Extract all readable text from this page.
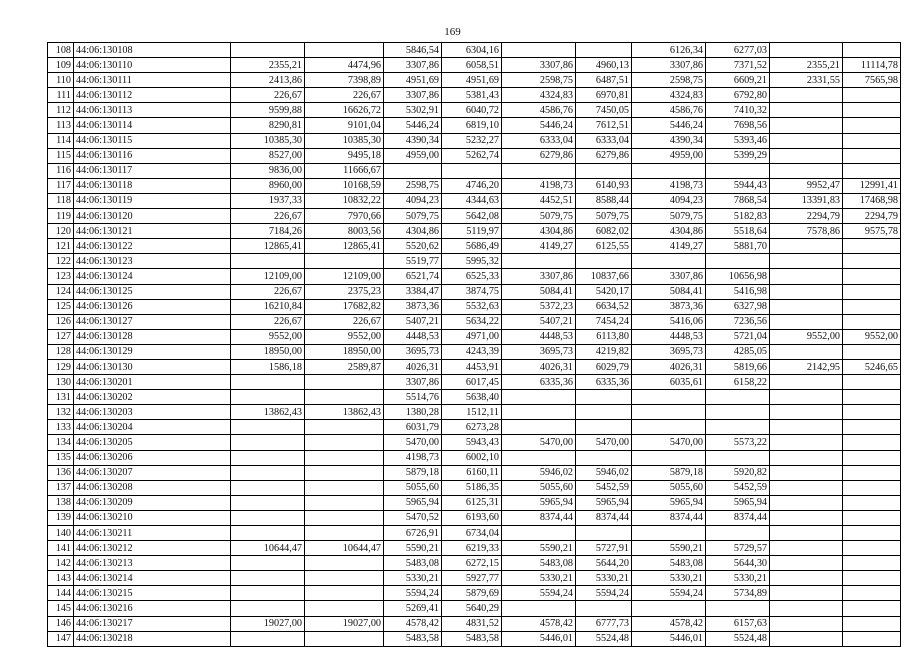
169
108	44:06:130108			5846,54	6304,16			6126,34	6277,03		
109	44:06:130110	2355,21	4474,96	3307,86	6058,51	3307,86	4960,13	3307,86	7371,52	2355,21	11114,78
110	44:06:130111	2413,86	7398,89	4951,69	4951,69	2598,75	6487,51	2598,75	6609,21	2331,55	7565,98
111	44:06:130112	226,67	226,67	3307,86	5381,43	4324,83	6970,81	4324,83	6792,80		
112	44:06:130113	9599,88	16626,72	5302,91	6040,72	4586,76	7450,05	4586,76	7410,32		
113	44:06:130114	8290,81	9101,04	5446,24	6819,10	5446,24	7612,51	5446,24	7698,56		
114	44:06:130115	10385,30	10385,30	4390,34	5232,27	6333,04	6333,04	4390,34	5393,46		
115	44:06:130116	8527,00	9495,18	4959,00	5262,74	6279,86	6279,86	4959,00	5399,29		
116	44:06:130117	9836,00	11666,67								
117	44:06:130118	8960,00	10168,59	2598,75	4746,20	4198,73	6140,93	4198,73	5944,43	9952,47	12991,41
118	44:06:130119	1937,33	10832,22	4094,23	4344,63	4452,51	8588,44	4094,23	7868,54	13391,83	17468,98
119	44:06:130120	226,67	7970,66	5079,75	5642,08	5079,75	5079,75	5079,75	5182,83	2294,79	2294,79
120	44:06:130121	7184,26	8003,56	4304,86	5119,97	4304,86	6082,02	4304,86	5518,64	7578,86	9575,78
121	44:06:130122	12865,41	12865,41	5520,62	5686,49	4149,27	6125,55	4149,27	5881,70		
122	44:06:130123			5519,77	5995,32						
123	44:06:130124	12109,00	12109,00	6521,74	6525,33	3307,86	10837,66	3307,86	10656,98		
124	44:06:130125	226,67	2375,23	3384,47	3874,75	5084,41	5420,17	5084,41	5416,98		
125	44:06:130126	16210,84	17682,82	3873,36	5532,63	5372,23	6634,52	3873,36	6327,98		
126	44:06:130127	226,67	226,67	5407,21	5634,22	5407,21	7454,24	5416,06	7236,56		
127	44:06:130128	9552,00	9552,00	4448,53	4971,00	4448,53	6113,80	4448,53	5721,04	9552,00	9552,00
128	44:06:130129	18950,00	18950,00	3695,73	4243,39	3695,73	4219,82	3695,73	4285,05		
129	44:06:130130	1586,18	2589,87	4026,31	4453,91	4026,31	6029,79	4026,31	5819,66	2142,95	5246,65
130	44:06:130201			3307,86	6017,45	6335,36	6335,36	6035,61	6158,22		
131	44:06:130202			5514,76	5638,40						
132	44:06:130203	13862,43	13862,43	1380,28	1512,11						
133	44:06:130204			6031,79	6273,28						
134	44:06:130205			5470,00	5943,43	5470,00	5470,00	5470,00	5573,22		
135	44:06:130206			4198,73	6002,10						
136	44:06:130207			5879,18	6160,11	5946,02	5946,02	5879,18	5920,82		
137	44:06:130208			5055,60	5186,35	5055,60	5452,59	5055,60	5452,59		
138	44:06:130209			5965,94	6125,31	5965,94	5965,94	5965,94	5965,94		
139	44:06:130210			5470,52	6193,60	8374,44	8374,44	8374,44	8374,44		
140	44:06:130211			6726,91	6734,04						
141	44:06:130212	10644,47	10644,47	5590,21	6219,33	5590,21	5727,91	5590,21	5729,57		
142	44:06:130213			5483,08	6272,15	5483,08	5644,20	5483,08	5644,30		
143	44:06:130214			5330,21	5927,77	5330,21	5330,21	5330,21	5330,21		
144	44:06:130215			5594,24	5879,69	5594,24	5594,24	5594,24	5734,89		
145	44:06:130216			5269,41	5640,29						
146	44:06:130217	19027,00	19027,00	4578,42	4831,52	4578,42	6777,73	4578,42	6157,63		
147	44:06:130218			5483,58	5483,58	5446,01	5524,48	5446,01	5524,48		
